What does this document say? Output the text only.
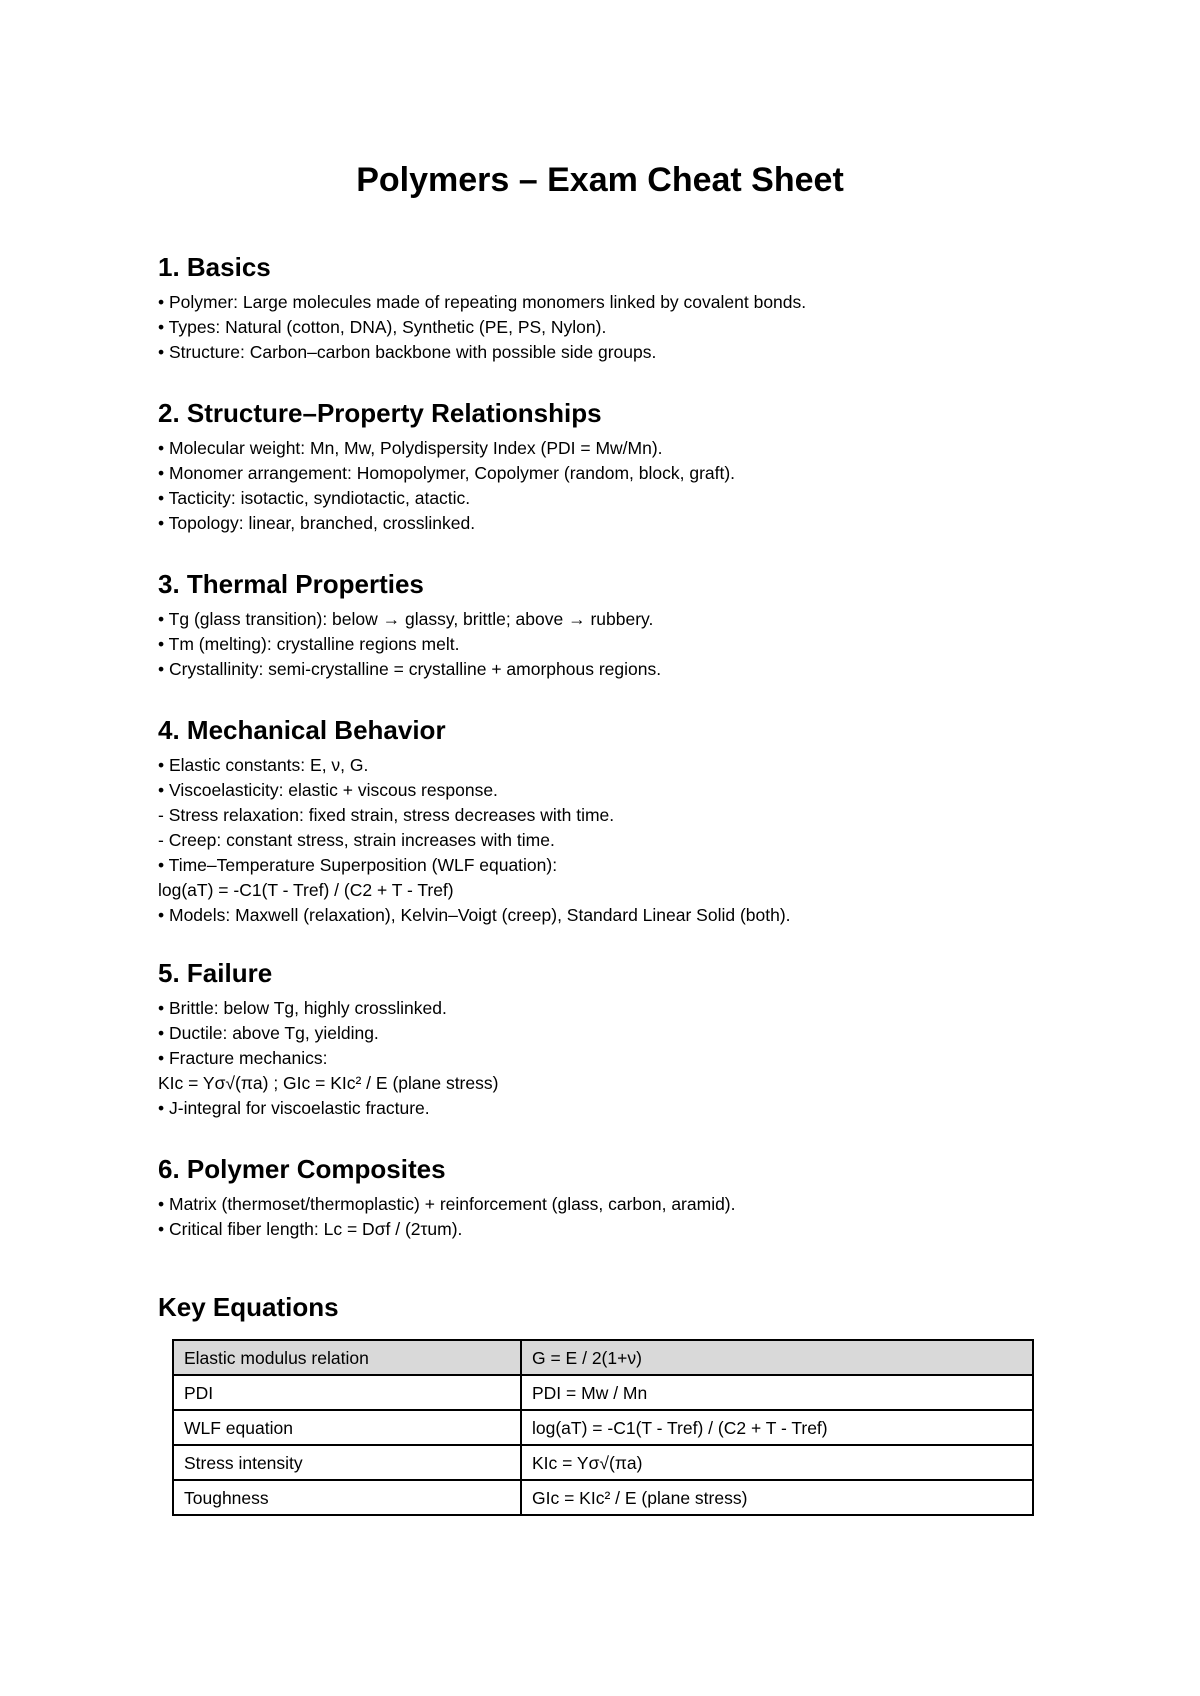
Polymers – Exam Cheat Sheet
1. Basics

• Polymer: Large molecules made of repeating monomers linked by covalent bonds.

• Types: Natural (cotton, DNA), Synthetic (PE, PS, Nylon).

• Structure: Carbon–carbon backbone with possible side groups.

2. Structure–Property Relationships

• Molecular weight: Mn, Mw, Polydispersity Index (PDI = Mw/Mn).

• Monomer arrangement: Homopolymer, Copolymer (random, block, graft).

• Tacticity: isotactic, syndiotactic, atactic.

• Topology: linear, branched, crosslinked.

3. Thermal Properties

• Tg (glass transition): below → glassy, brittle; above → rubbery.

• Tm (melting): crystalline regions melt.

• Crystallinity: semi-crystalline = crystalline + amorphous regions.

4. Mechanical Behavior

• Elastic constants: E, ν, G.

• Viscoelasticity: elastic + viscous response.

- Stress relaxation: fixed strain, stress decreases with time.

- Creep: constant stress, strain increases with time.

• Time–Temperature Superposition (WLF equation):

log(aT) = -C1(T - Tref) / (C2 + T - Tref)

• Models: Maxwell (relaxation), Kelvin–Voigt (creep), Standard Linear Solid (both).

5. Failure

• Brittle: below Tg, highly crosslinked.

• Ductile: above Tg, yielding.

• Fracture mechanics:

KIc = Yσ√(πa) ; GIc = KIc² / E (plane stress)

• J-integral for viscoelastic fracture.

6. Polymer Composites

• Matrix (thermoset/thermoplastic) + reinforcement (glass, carbon, aramid).

• Critical fiber length: Lc = Dσf / (2τum).

Key Equations
Elastic modulus relation	G = E / 2(1+ν)
PDI	PDI = Mw / Mn
WLF equation	log(aT) = -C1(T - Tref) / (C2 + T - Tref)
Stress intensity	KIc = Yσ√(πa)
Toughness	GIc = KIc² / E (plane stress)
